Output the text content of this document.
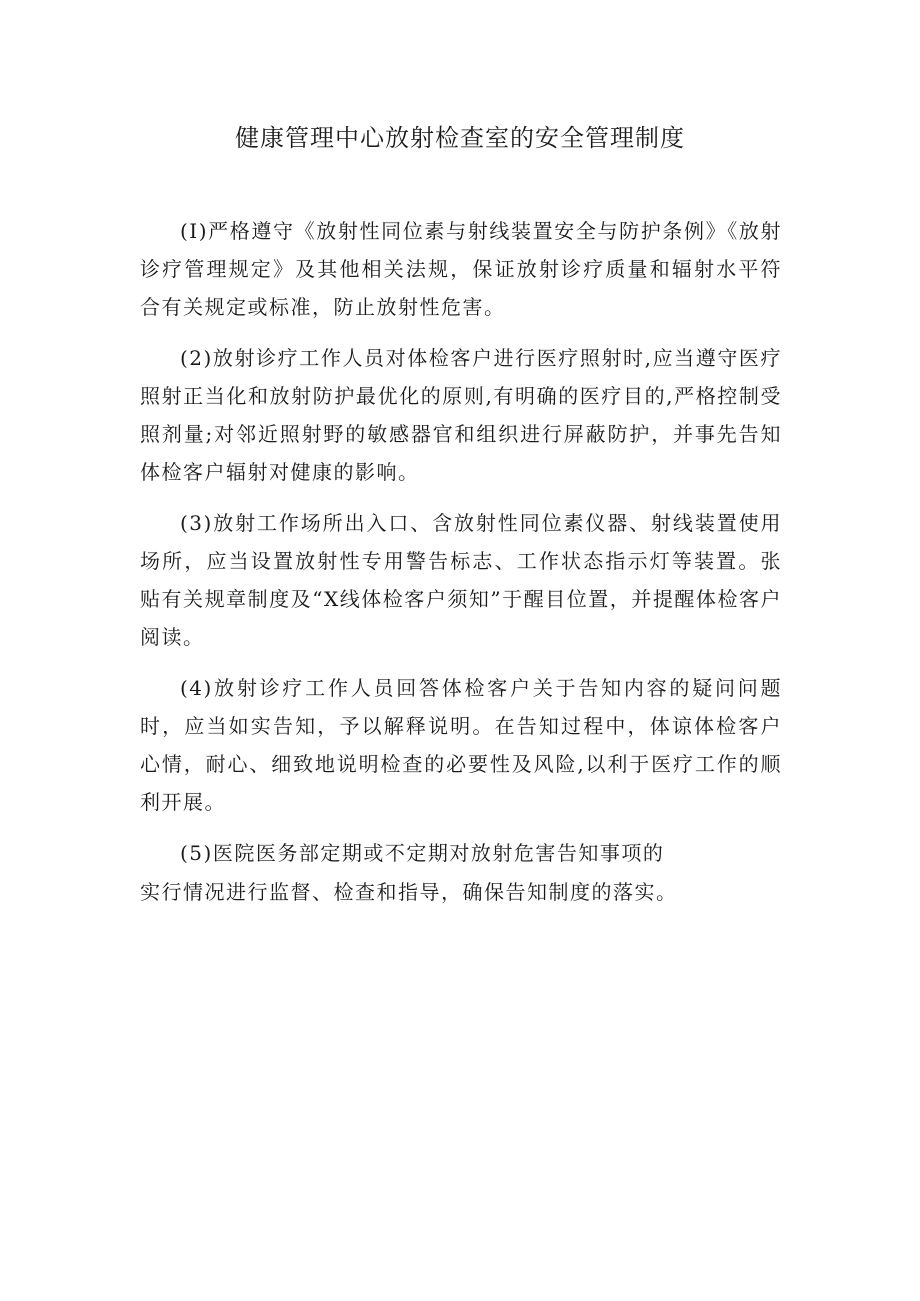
健康管理中心放射检查室的安全管理制度

(I)严格遵守《放射性同位素与射线装置安全与防护条例》《放射诊疗管理规定》及其他相关法规，保证放射诊疗质量和辐射水平符合有关规定或标准，防止放射性危害。

(2)放射诊疗工作人员对体检客户进行医疗照射时,应当遵守医疗照射正当化和放射防护最优化的原则,有明确的医疗目的,严格控制受照剂量;对邻近照射野的敏感器官和组织进行屏蔽防护，并事先告知体检客户辐射对健康的影响。

(3)放射工作场所出入口、含放射性同位素仪器、射线装置使用场所，应当设置放射性专用警告标志、工作状态指示灯等装置。张贴有关规章制度及“X线体检客户须知”于醒目位置，并提醒体检客户阅读。

(4)放射诊疗工作人员回答体检客户关于告知内容的疑问问题时，应当如实告知，予以解释说明。在告知过程中，体谅体检客户心情，耐心、细致地说明检查的必要性及风险,以利于医疗工作的顺利开展。

(5)医院医务部定期或不定期对放射危害告知事项的

实行情况进行监督、检查和指导，确保告知制度的落实。
